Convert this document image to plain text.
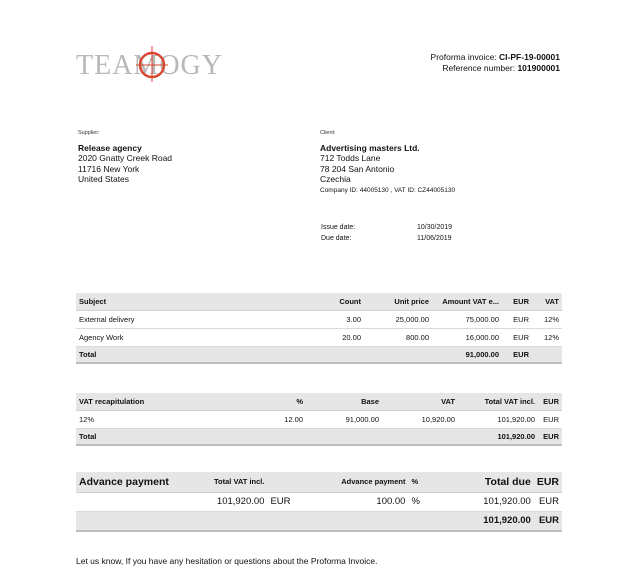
TEAMOGY	Proforma invoice: CI-PF-19-00001
Reference number: 101900001
Supplier:
Release agency
2020 Gnatty Creek Road
11716 New York
United States
Client:
Advertising masters Ltd.
712 Todds Lane
78 204 San Antonio
Czechia
Company ID: 44005130 , VAT ID: CZ44005130
Issue date:	10/30/2019
Due date:	11/06/2019
Subject	Count	Unit price	Amount VAT e...	EUR	VAT
External delivery	3.00	25,000.00	75,000.00	EUR	12%
Agency Work	20.00	800.00	16,000.00	EUR	12%
Total			91,000.00	EUR	
VAT recapitulation	%	Base	VAT	Total VAT incl.	EUR
12%	12.00	91,000.00	10,920.00	101,920.00	EUR
Total				101,920.00	EUR
Advance payment	Total VAT incl.		Advance payment	%	Total due	EUR
	101,920.00	EUR	100.00	%	101,920.00	EUR
					101,920.00	EUR
Let us know, If you have any hesitation or questions about the Proforma Invoice.
